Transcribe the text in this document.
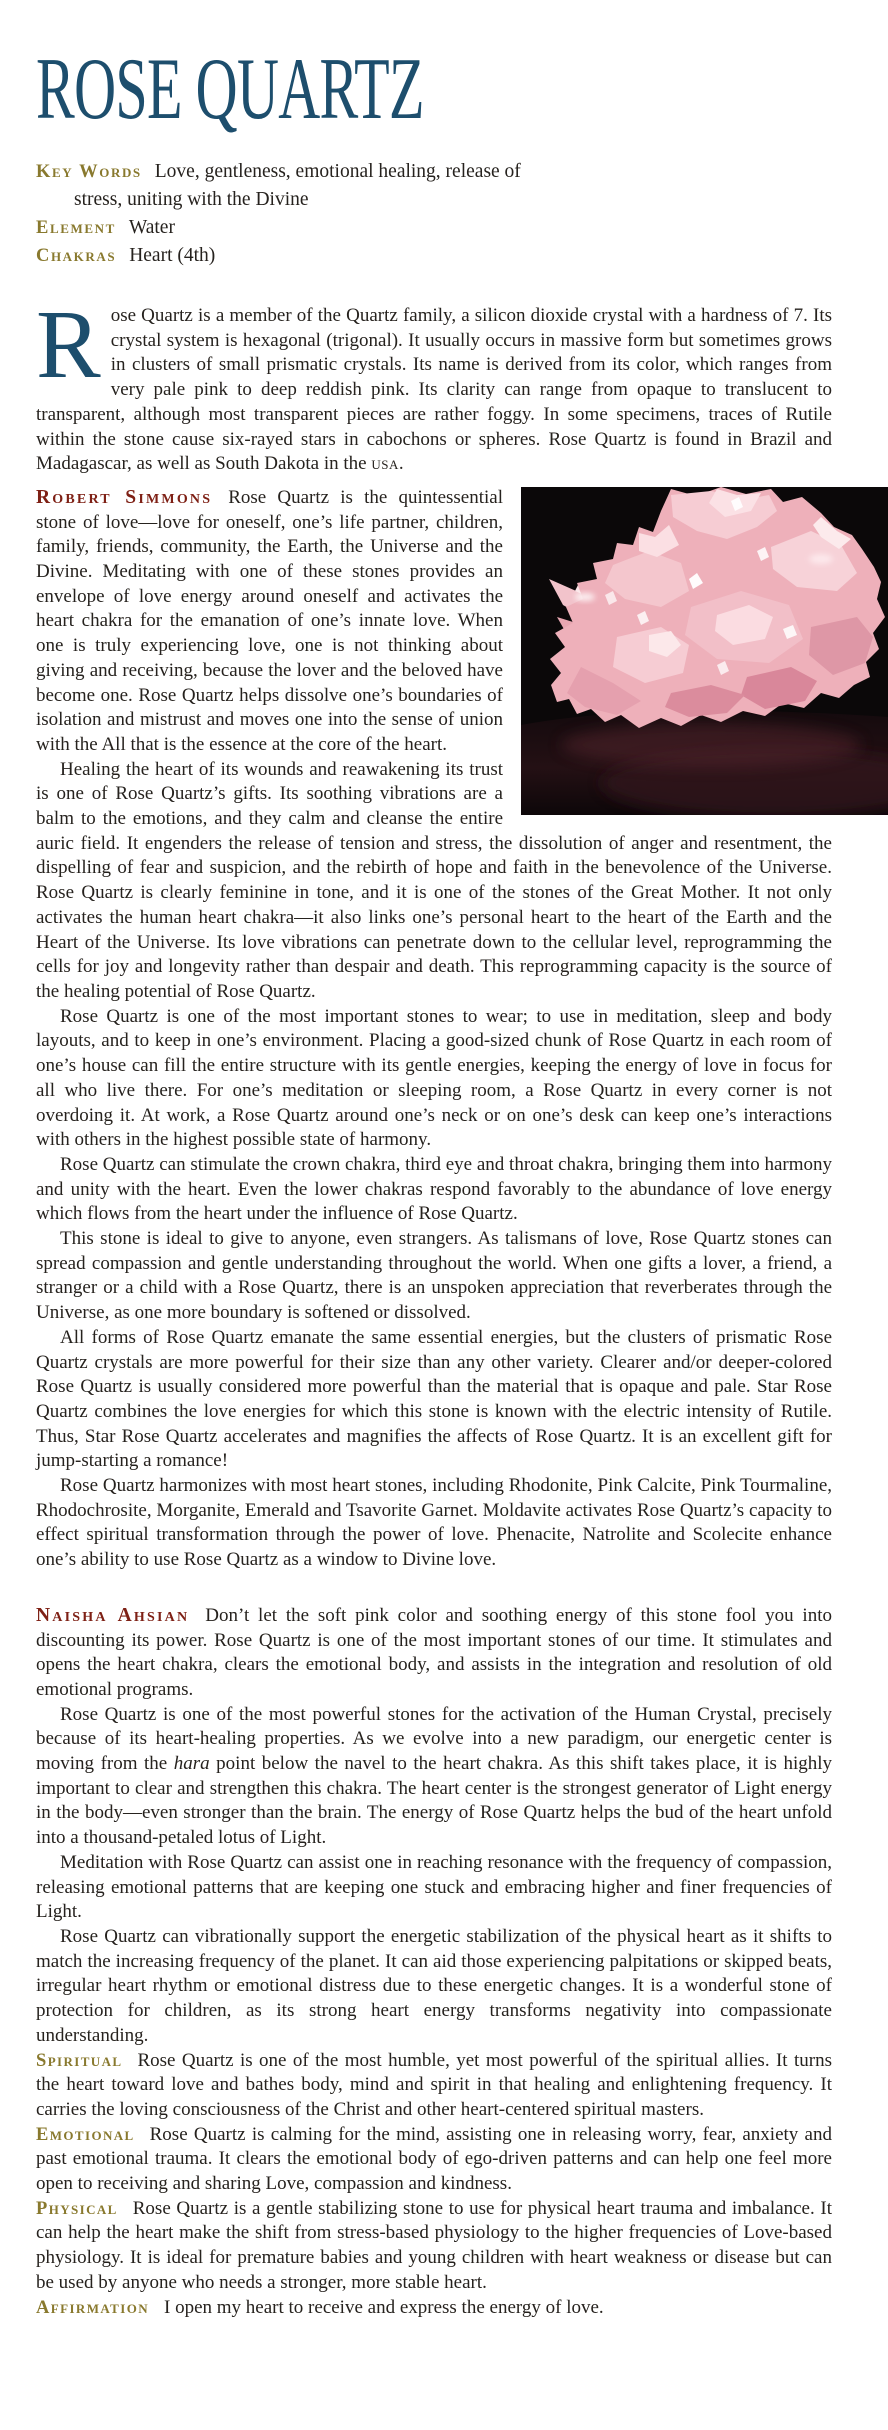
ROSE QUARTZ

Key Words Love, gentleness, emotional healing, release of stress, uniting with the Divine

Element Water

Chakras Heart (4th)

Rose Quartz is a member of the Quartz family, a silicon dioxide crystal with a hardness of 7. Its crystal system is hexagonal (trigonal). It usually occurs in massive form but sometimes grows in clusters of small prismatic crystals. Its name is derived from its color, which ranges from very pale pink to deep reddish pink. Its clarity can range from opaque to translucent to transparent, although most transparent pieces are rather foggy. In some specimens, traces of Rutile within the stone cause six-rayed stars in cabochons or spheres. Rose Quartz is found in Brazil and Madagascar, as well as South Dakota in the usa.

Robert Simmons Rose Quartz is the quintessential stone of love—love for oneself, one’s life partner, children, family, friends, community, the Earth, the Universe and the Divine. Meditating with one of these stones provides an envelope of love energy around oneself and activates the heart chakra for the emanation of one’s innate love. When one is truly experiencing love, one is not thinking about giving and receiving, because the lover and the beloved have become one. Rose Quartz helps dissolve one’s boundaries of isolation and mistrust and moves one into the sense of union with the All that is the essence at the core of the heart.

Healing the heart of its wounds and reawakening its trust is one of Rose Quartz’s gifts. Its soothing vibrations are a balm to the emotions, and they calm and cleanse the entire auric field. It engenders the release of tension and stress, the dissolution of anger and resentment, the dispelling of fear and suspicion, and the rebirth of hope and faith in the benevolence of the Universe. Rose Quartz is clearly feminine in tone, and it is one of the stones of the Great Mother. It not only activates the human heart chakra—it also links one’s personal heart to the heart of the Earth and the Heart of the Universe. Its love vibrations can penetrate down to the cellular level, reprogramming the cells for joy and longevity rather than despair and death. This reprogramming capacity is the source of the healing potential of Rose Quartz.

Rose Quartz is one of the most important stones to wear; to use in meditation, sleep and body layouts, and to keep in one’s environment. Placing a good-sized chunk of Rose Quartz in each room of one’s house can fill the entire structure with its gentle energies, keeping the energy of love in focus for all who live there. For one’s meditation or sleeping room, a Rose Quartz in every corner is not overdoing it. At work, a Rose Quartz around one’s neck or on one’s desk can keep one’s interactions with others in the highest possible state of harmony.

Rose Quartz can stimulate the crown chakra, third eye and throat chakra, bringing them into harmony and unity with the heart. Even the lower chakras respond favorably to the abundance of love energy which flows from the heart under the influence of Rose Quartz.

This stone is ideal to give to anyone, even strangers. As talismans of love, Rose Quartz stones can spread compassion and gentle understanding throughout the world. When one gifts a lover, a friend, a stranger or a child with a Rose Quartz, there is an unspoken appreciation that reverberates through the Universe, as one more boundary is softened or dissolved.

All forms of Rose Quartz emanate the same essential energies, but the clusters of prismatic Rose Quartz crystals are more powerful for their size than any other variety. Clearer and/or deeper-colored Rose Quartz is usually considered more powerful than the material that is opaque and pale. Star Rose Quartz combines the love energies for which this stone is known with the electric intensity of Rutile. Thus, Star Rose Quartz accelerates and magnifies the affects of Rose Quartz. It is an excellent gift for jump-starting a romance!

Rose Quartz harmonizes with most heart stones, including Rhodonite, Pink Calcite, Pink Tourmaline, Rhodochrosite, Morganite, Emerald and Tsavorite Garnet. Moldavite activates Rose Quartz’s capacity to effect spiritual transformation through the power of love. Phenacite, Natrolite and Scolecite enhance one’s ability to use Rose Quartz as a window to Divine love.

Naisha Ahsian Don’t let the soft pink color and soothing energy of this stone fool you into discounting its power. Rose Quartz is one of the most important stones of our time. It stimulates and opens the heart chakra, clears the emotional body, and assists in the integration and resolution of old emotional programs.

Rose Quartz is one of the most powerful stones for the activation of the Human Crystal, precisely because of its heart-healing properties. As we evolve into a new paradigm, our energetic center is moving from the hara point below the navel to the heart chakra. As this shift takes place, it is highly important to clear and strengthen this chakra. The heart center is the strongest generator of Light energy in the body—even stronger than the brain. The energy of Rose Quartz helps the bud of the heart unfold into a thousand-petaled lotus of Light.

Meditation with Rose Quartz can assist one in reaching resonance with the frequency of compassion, releasing emotional patterns that are keeping one stuck and embracing higher and finer frequencies of Light.

Rose Quartz can vibrationally support the energetic stabilization of the physical heart as it shifts to match the increasing frequency of the planet. It can aid those experiencing palpitations or skipped beats, irregular heart rhythm or emotional distress due to these energetic changes. It is a wonderful stone of protection for children, as its strong heart energy transforms negativity into compassionate understanding.

Spiritual Rose Quartz is one of the most humble, yet most powerful of the spiritual allies. It turns the heart toward love and bathes body, mind and spirit in that healing and enlightening frequency. It carries the loving consciousness of the Christ and other heart-centered spiritual masters.

Emotional Rose Quartz is calming for the mind, assisting one in releasing worry, fear, anxiety and past emotional trauma. It clears the emotional body of ego-driven patterns and can help one feel more open to receiving and sharing Love, compassion and kindness.

Physical Rose Quartz is a gentle stabilizing stone to use for physical heart trauma and imbalance. It can help the heart make the shift from stress-based physiology to the higher frequencies of Love-based physiology. It is ideal for premature babies and young children with heart weakness or disease but can be used by anyone who needs a stronger, more stable heart.

Affirmation I open my heart to receive and express the energy of love.
